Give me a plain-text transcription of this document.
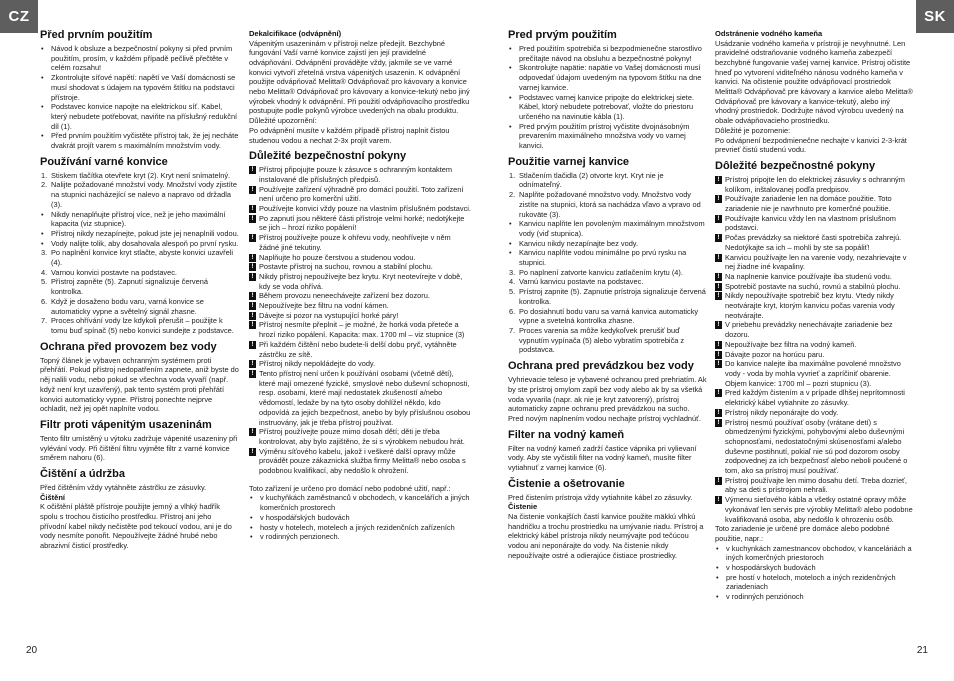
CZ	SK
Před prvním použitím
• Návod k obsluze a bezpečnostní pokyny si před prvním použitím, prosím, v každém případě pečlivě přečtěte v celém rozsahu!
• Zkontrolujte síťové napětí: napětí ve Vaší domácnosti se musí shodovat s údajem na typovém štítku na podstavci přístroje.
• Podstavec konvice napojte na elektrickou síť. Kabel, který nebudete potřebovat, naviňte na příslušný redukční díl (1).
• Před prvním použitím vyčistěte přístroj tak, že jej necháte dvakrát projít varem s maximálním množstvím vody.
Používání varné konvice
1. Stiskem tlačítka otevřete kryt (2). Kryt není snímatelný.
2. Nalijte požadované množství vody. Množství vody zjistíte na stupnici nacházející se nalevo a napravo od držadla (3).
• Nikdy nenaplňujte přístroj více, než je jeho maximální kapacita (viz stupnice).
• Přístroj nikdy nezapínejte, pokud jste jej nenaplnili vodou.
• Vody nalijte tolik, aby dosahovala alespoň po první rysku.
3. Po naplnění konvice kryt stlačte, abyste konvici uzavřeli (4).
4. Varnou konvici postavte na podstavec.
5. Přístroj zapněte (5). Zapnutí signalizuje červená kontrolka.
6. Když je dosaženo bodu varu, varná konvice se automaticky vypne a světelný signál zhasne.
7. Proces ohřívání vody lze kdykoli přerušit – použijte k tomu buď spínač (5) nebo konvici sundejte z podstavce.
Ochrana před provozem bez vody

Topný článek je vybaven ochranným systémem proti přehřátí. Pokud přístroj nedopatřením zapnete, aniž byste do něj nalili vodu, nebo pokud se všechna voda vyvaří (např. když není kryt uzavřený), pak tento systém proti přehřátí konvici automaticky vypne. Přístroj ponechte nejprve ochladit, než jej opět naplníte vodou.

Filtr proti vápenitým usazeninám

Tento filtr umístěný u výtoku zadržuje vápenité usazeniny při vylévání vody. Při čištění filtru vyjměte filtr z varné konvice směrem nahoru (6).

Čištění a údržba

Před čištěním vždy vytáhněte zástrčku ze zásuvky.

Čištění

K očištění pláště přístroje použijte jemný a vlhký hadřík spolu s trochou čisticího prostředku. Přístroj ani jeho přívodní kabel nikdy nečistěte pod tekoucí vodou, ani je do vody nesmíte ponořit. Nepoužívejte žádné hrubé nebo abrazivní čisticí prostředky.

Dekalcifikace (odvápnění)

Vápenitým usazeninám v přístroji nelze předejít. Bezchybné fungování Vaší varné konvice zajistí jen její pravidelné odvápňování. Odvápnění provádějte vždy, jakmile se ve varné konvici vytvoří zřetelná vrstva vápenitých usazenin. K odvápnění použijte odvápňovač Melitta® Odvápňovač pro kávovary a konvice nebo Melitta® Odvápňovač pro kávovary a konvice-tekutý nebo jiný výrobek vhodný k odvápnění. Při použití odvápňovacího prostředku postupujte podle pokynů výrobce uvedených na obalu produktu.

Důležité upozornění:

Po odvápnění musíte v každém případě přístroj naplnit čistou studenou vodou a nechat 2-3x projít varem.

Důležité bezpečnostní pokyny
! Přístroj připojujte pouze k zásuvce s ochranným kontaktem instalované dle příslušných předpisů.
! Používejte zařízení výhradně pro domácí použití. Toto zařízení není určeno pro komerční užití.
! Používejte konvici vždy pouze na vlastním příslušném podstavci.
! Po zapnutí jsou některé části přístroje velmi horké; nedotýkejte se jich – hrozí riziko popálení!
! Přístroj používejte pouze k ohřevu vody, neohřívejte v něm žádné jiné tekutiny.
! Naplňujte ho pouze čerstvou a studenou vodou.
! Postavte přístroj na suchou, rovnou a stabilní plochu.
! Nikdy přístroj nepoužívejte bez krytu. Kryt neotevírejte v době, kdy se voda ohřívá.
! Během provozu neneechávejte zařízení bez dozoru.
! Nepoužívejte bez filtru na vodní kámen.
! Dávejte si pozor na vystupující horké páry!
! Přístroj nesmíte přeplnit – je možné, že horká voda přeteče a hrozí riziko popálení. Kapacita: max. 1700 ml – viz stupnice (3)
! Při každém čištění nebo budete-li delší dobu pryč, vytáhněte zástrčku ze sítě.
! Přístroj nikdy nepokládejte do vody.
! Tento přístroj není určen k používání osobami (včetně dětí), které mají omezené fyzické, smyslové nebo duševní schopnosti, resp. osobami, které mají nedostatek zkušeností a/nebo vědomostí, ledaže by na tyto osoby dohlížel někdo, kdo odpovídá za jejich bezpečnost, anebo by byly příslušnou osobou instruovány, jak je třeba přístroj používat.
! Přístroj používejte pouze mimo dosah dětí; děti je třeba kontrolovat, aby bylo zajištěno, že si s výrobkem nebudou hrát.
! Výměnu síťového kabelu, jakož i veškeré další opravy může provádět pouze zákaznická služba firmy Melitta® nebo osoba s podobnou kvalifikací, aby nedošlo k ohrožení.

Toto zařízení je určeno pro domácí nebo podobné užití, např.:

• v kuchyňkách zaměstnanců v obchodech, v kancelářích a jiných komerčních prostorech
• v hospodářských budovách
• hosty v hotelech, motelech a jiných rezidenčních zařízeních
• v rodinných penzionech.
Pred prvým použitím
• Pred použitím spotrebiča si bezpodmienečne starostlivo prečítajte návod na obsluhu a bezpečnostné pokyny!
• Skontrolujte napätie: napätie vo Vašej domácnosti musí odpovedať údajom uvedeným na typovom štítku na dne varnej kanvice.
• Podstavec varnej kanvice pripojte do elektrickej siete. Kábel, ktorý nebudete potrebovať, vložte do priestoru určeného na navinutie kábla (1).
• Pred prvým použitím prístroj vyčistite dvojnásobným prevarením maximálneho množstva vody vo varnej kanvici.
Použitie varnej kanvice
1. Stlačením tlačidla (2) otvorte kryt. Kryt nie je odnímateľný.
2. Naplňte požadované množstvo vody. Množstvo vody zistíte na stupnici, ktorá sa nachádza vľavo a vpravo od rukoväte (3).
• Kanvicu naplňte len povoleným maximálnym množstvom vody (viď stupnica).
• Kanvicu nikdy nezapínajte bez vody.
• Kanvicu naplňte vodou minimálne po prvú rysku na stupnici.
3. Po naplnení zatvorte kanvicu zatlačením krytu (4).
4. Varnú kanvicu postavte na podstavec.
5. Prístroj zapnite (5). Zapnutie prístroja signalizuje červená kontrolka.
6. Po dosiahnutí bodu varu sa varná kanvica automaticky vypne a svetelná kontrolka zhasne.
7. Proces varenia sa môže kedykoľvek prerušiť buď vypnutím vypínača (5) alebo vybratím spotrebiča z podstavca.
Ochrana pred prevádzkou bez vody

Vyhrievacie teleso je vybavené ochranou pred prehriatím. Ak by ste prístroj omylom zapli bez vody alebo ak by sa všetká voda vyvarila (napr. ak nie je kryt zatvorený), prístroj automaticky zapne ochranu pred prevádzkou na sucho. Pred novým naplnením vodou nechajte prístroj vychladnúť.

Filter na vodný kameň

Filter na vodný kameň zadrží častice vápnika pri vylievaní vody. Aby ste vyčistili filter na vodný kameň, musíte filter vytiahnuť z varnej kanvice (6).

Čistenie a ošetrovanie

Pred čistením prístroja vždy vytiahnite kábel zo zásuvky.

Čistenie

Na čistenie vonkajších častí kanvice použite mäkkú vlhkú handričku a trochu prostriedku na umývanie riadu. Prístroj a elektrický kábel prístroja nikdy neumývajte pod tečúcou vodou ani neponárajte do vody. Na čistenie nikdy nepoužívajte ostré a odierajúce čistiace prostriedky.

Odstránenie vodného kameňa

Usádzanie vodného kameňa v prístroji je nevyhnutné. Len pravidelné odstraňovanie vodného kameňa zabezpečí bezchybné fungovanie vašej varnej kanvice. Prístroj očistite hneď po vytvorení viditeľného nánosu vodného kameňa v kanvici. Na očistenie použite odvápňovací prostriedok Melitta® Odvápňovač pre kávovary a kanvice alebo Melitta® Odvápňovač pre kávovary a kanvice-tekutý, alebo iný vhodný prostriedok. Dodržujte návod výrobcu uvedený na obale odvápňovacieho prostriedku.

Dôležité je pozornenie:

Po odvápnení bezpodmienečne nechajte v kanvici 2-3-krát prevrieť čistú studenú vodu.

Dôležité bezpečnostné pokyny
! Prístroj pripojte len do elektrickej zásuvky s ochranným kolíkom, inštalovanej podľa predpisov.
! Používajte zariadenie len na domáce použitie. Toto zariadenie nie je navrhnuto pre komerčné použitie.
! Používajte kanvicu vždy len na vlastnom príslušnom podstavci.
! Počas prevádzky sa niektoré časti spotrebiča zahrejú. Nedotýkajte sa ich – mohli by ste sa popáliť!
! Kanvicu používajte len na varenie vody, nezahrievajte v nej žiadne iné kvapaliny.
! Na naplnenie kanvice používajte iba studenú vodu.
! Spotrebič postavte na suchú, rovnú a stabilnú plochu.
! Nikdy nepoužívajte spotrebič bez krytu. Vtedy nikdy neotvárajte kryt, ktorým kanvicu počas varenia vody neotvárajte.
! V priebehu prevádzky nenechávajte zariadenie bez dozoru.
! Nepoužívajte bez filtra na vodný kameň.
! Dávajte pozor na horúcu paru.
! Do kanvice nalejte iba maximálne povolené množstvo vody - voda by mohla vyvrieť a zapríčiniť obarenie. Objem kanvice: 1700 ml – pozri stupnicu (3).
! Pred každým čistením a v prípade dlhšej neprítomnosti elektrický kábel vytiahnite zo zásuvky.
! Prístroj nikdy neponárajte do vody.
! Prístroj nesmú používať osoby (vrátane detí) s obmedzenými fyzickými, pohybovými alebo duševnými schopnosťami, nedostatočnými skúsenosťami a/alebo duševne postihnutí, pokiaľ nie sú pod dozorom osoby zodpovednej za ich bezpečnosť alebo neboli poučené o tom, ako sa prístroj musí používať.
! Prístroj používajte len mimo dosahu detí. Treba dozrieť, aby sa deti s prístrojom nehrali.
! Výmenu sieťového kábla a všetky ostatné opravy môže vykonávať len servis pre výrobky Melitta® alebo podobne kvalifikovaná osoba, aby nedošlo k ohrozeniu osôb.

Toto zariadenie je určené pre domáce alebo podobné použitie, napr.:

• v kuchynkách zamestnancov obchodov, v kanceláriách a iných komerčných priestoroch
• v hospodárskych budovách
• pre hostí v hoteloch, moteloch a iných rezidenčných zariadeniach
• v rodinných penziónoch
20	21
